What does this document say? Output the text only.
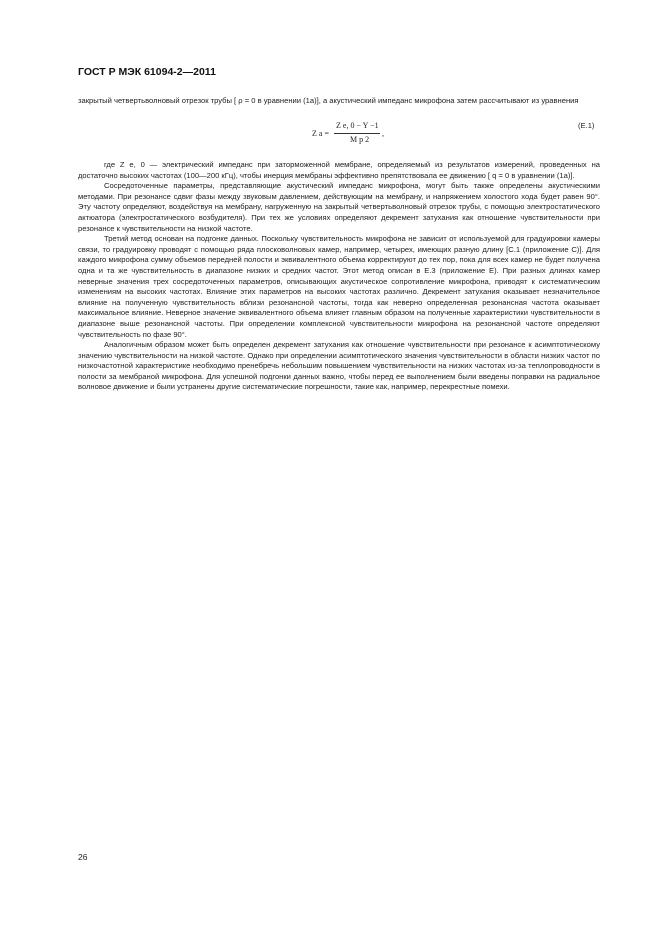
ГОСТ Р МЭК 61094-2—2011

закрытый четвертьволновый отрезок трубы [ ρ = 0 в уравнении (1а)], а акустический импеданс микрофона затем рассчитывают из уравнения

Z a =
Z e, 0 − Y −1
M p 2
,
(Е.1)

где Z e, 0 — электрический импеданс при заторможенной мембране, определяемый из результатов измерений, проведенных на достаточно высоких частотах (100—200 кГц), чтобы инерция мембраны эффективно препятствовала ее движению [ q = 0 в уравнении (1а)].

Сосредоточенные параметры, представляющие акустический импеданс микрофона, могут быть также определены акустическими методами. При резонансе сдвиг фазы между звуковым давлением, действующим на мембрану, и напряжением холостого хода будет равен 90°. Эту частоту определяют, воздействуя на мембрану, нагруженную на закрытый четвертьволновый отрезок трубы, с помощью электростатического актюатора (электростатического возбудителя). При тех же условиях определяют декремент затухания как отношение чувствительности при резонансе к чувствительности на низкой частоте.

Третий метод основан на подгонке данных. Поскольку чувствительность микрофона не зависит от используемой для градуировки камеры связи, то градуировку проводят с помощью ряда плосковолновых камер, например, четырех, имеющих разную длину [С.1 (приложение С)]. Для каждого микрофона сумму объемов передней полости и эквивалентного объема корректируют до тех пор, пока для всех камер не будет получена одна и та же чувствительность в диапазоне низких и средних частот. Этот метод описан в Е.3 (приложение Е). При разных длинах камер неверные значения трех сосредоточенных параметров, описывающих акустическое сопротивление микрофона, приводят к систематическим изменениям на высоких частотах. Влияние этих параметров на высоких частотах различно. Декремент затухания оказывает незначительное влияние на полученную чувствительность вблизи резонансной частоты, тогда как неверно определенная резонансная частота оказывает максимальное влияние. Неверное значение эквивалентного объема влияет главным образом на полученные характеристики чувствительности в диапазоне выше резонансной частоты. При определении комплексной чувствительности микрофона на резонансной частоте определяют чувствительность по фазе 90°.

Аналогичным образом может быть определен декремент затухания как отношение чувствительности при резонансе к асимптотическому значению чувствительности на низкой частоте. Однако при определении асимптотического значения чувствительности в области низких частот по низкочастотной характеристике необходимо пренебречь небольшим повышением чувствительности на низких частотах из-за теплопроводности в полости за мембраной микрофона. Для успешной подгонки данных важно, чтобы перед ее выполнением были введены поправки на радиальное волновое движение и были устранены другие систематические погрешности, такие как, например, перекрестные помехи.

26
